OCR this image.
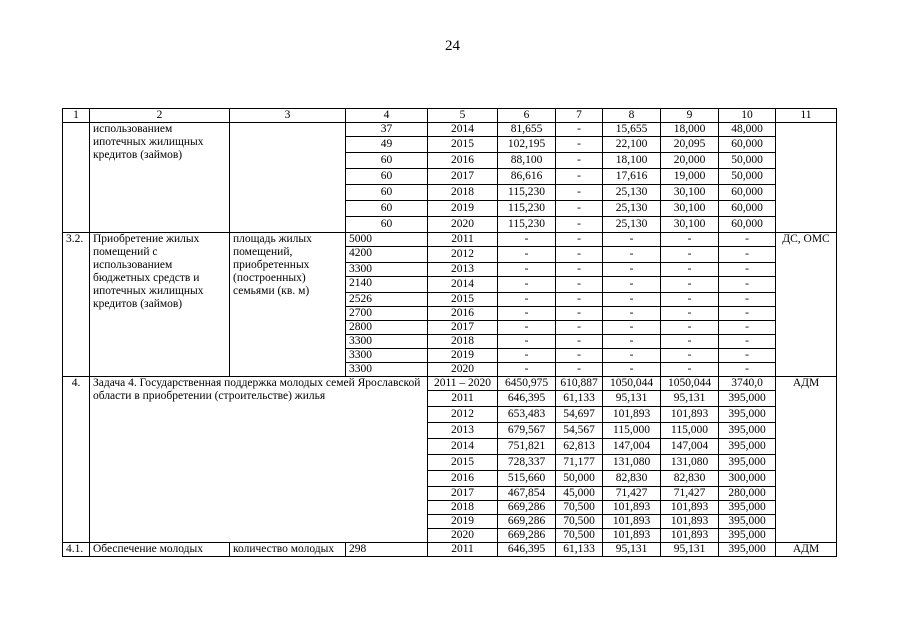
24
1	2	3	4	5	6	7	8	9	10	11
	использованием ипотечных жилищных кредитов (займов)		37	2014	81,655	-	15,655	18,000	48,000	
			49	2015	102,195	-	22,100	20,095	60,000	
			60	2016	88,100	-	18,100	20,000	50,000	
			60	2017	86,616	-	17,616	19,000	50,000	
			60	2018	115,230	-	25,130	30,100	60,000	
			60	2019	115,230	-	25,130	30,100	60,000	
			60	2020	115,230	-	25,130	30,100	60,000	
3.2.	Приобретение жилых помещений с использованием бюджетных средств и ипотечных жилищных кредитов (займов)	площадь жилых помещений, приобретенных (построенных) семьями (кв. м)	5000	2011	-	-	-	-	-	ДС, ОМС
			4200	2012	-	-	-	-	-	
			3300	2013	-	-	-	-	-	
			2140	2014	-	-	-	-	-	
			2526	2015	-	-	-	-	-	
			2700	2016	-	-	-	-	-	
			2800	2017	-	-	-	-	-	
			3300	2018	-	-	-	-	-	
			3300	2019	-	-	-	-	-	
			3300	2020	-	-	-	-	-	
4.	Задача 4. Государственная поддержка молодых семей Ярославской области в приобретении (строительстве) жилья			2011 – 2020	6450,975	610,887	1050,044	1050,044	3740,0	АДМ
				2011	646,395	61,133	95,131	95,131	395,000	
				2012	653,483	54,697	101,893	101,893	395,000	
				2013	679,567	54,567	115,000	115,000	395,000	
				2014	751,821	62,813	147,004	147,004	395,000	
				2015	728,337	71,177	131,080	131,080	395,000	
				2016	515,660	50,000	82,830	82,830	300,000	
				2017	467,854	45,000	71,427	71,427	280,000	
				2018	669,286	70,500	101,893	101,893	395,000	
				2019	669,286	70,500	101,893	101,893	395,000	
				2020	669,286	70,500	101,893	101,893	395,000	
4.1.	Обеспечение молодых	количество молодых	298	2011	646,395	61,133	95,131	95,131	395,000	АДМ
